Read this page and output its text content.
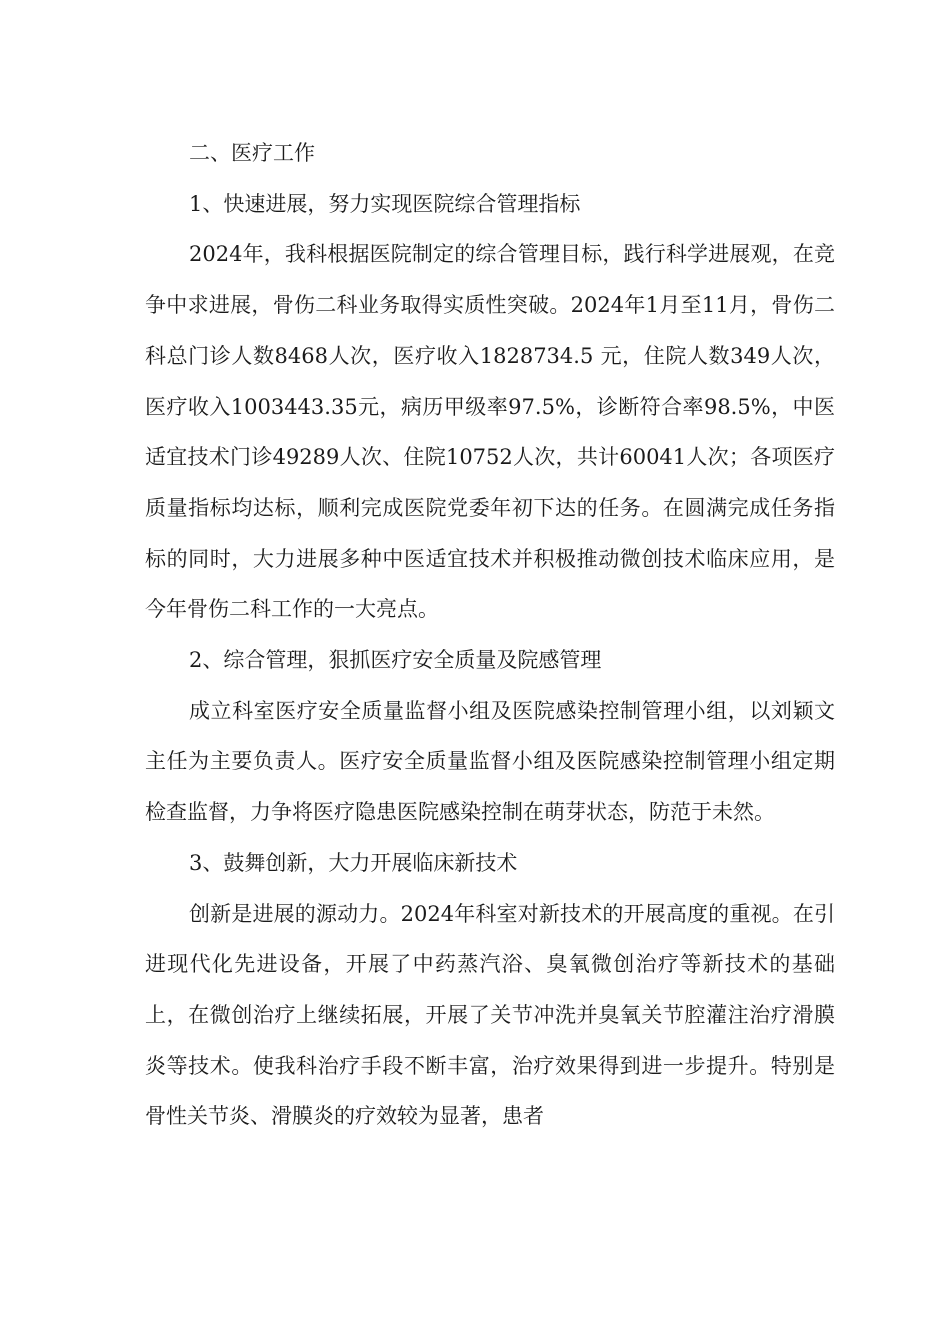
二、医疗工作
1、快速进展，努力实现医院综合管理指标

2024年，我科根据医院制定的综合管理目标，践行科学进展观，在竞争中求进展，骨伤二科业务取得实质性突破。2024年1月至11月，骨伤二科总门诊人数8468人次，医疗收入1828734.5 元，住院人数349人次，医疗收入1003443.35元，病历甲级率97.5%，诊断符合率98.5%，中医适宜技术门诊49289人次、住院10752人次，共计60041人次；各项医疗质量指标均达标，顺利完成医院党委年初下达的任务。在圆满完成任务指标的同时，大力进展多种中医适宜技术并积极推动微创技术临床应用，是今年骨伤二科工作的一大亮点。

2、综合管理，狠抓医疗安全质量及院感管理

成立科室医疗安全质量监督小组及医院感染控制管理小组，以刘颖文主任为主要负责人。医疗安全质量监督小组及医院感染控制管理小组定期检查监督，力争将医疗隐患医院感染控制在萌芽状态，防范于未然。

3、鼓舞创新，大力开展临床新技术

创新是进展的源动力。2024年科室对新技术的开展高度的重视。在引进现代化先进设备，开展了中药蒸汽浴、臭氧微创治疗等新技术的基础上，在微创治疗上继续拓展，开展了关节冲洗并臭氧关节腔灌注治疗滑膜炎等技术。使我科治疗手段不断丰富，治疗效果得到进一步提升。特别是骨性关节炎、滑膜炎的疗效较为显著，患者
